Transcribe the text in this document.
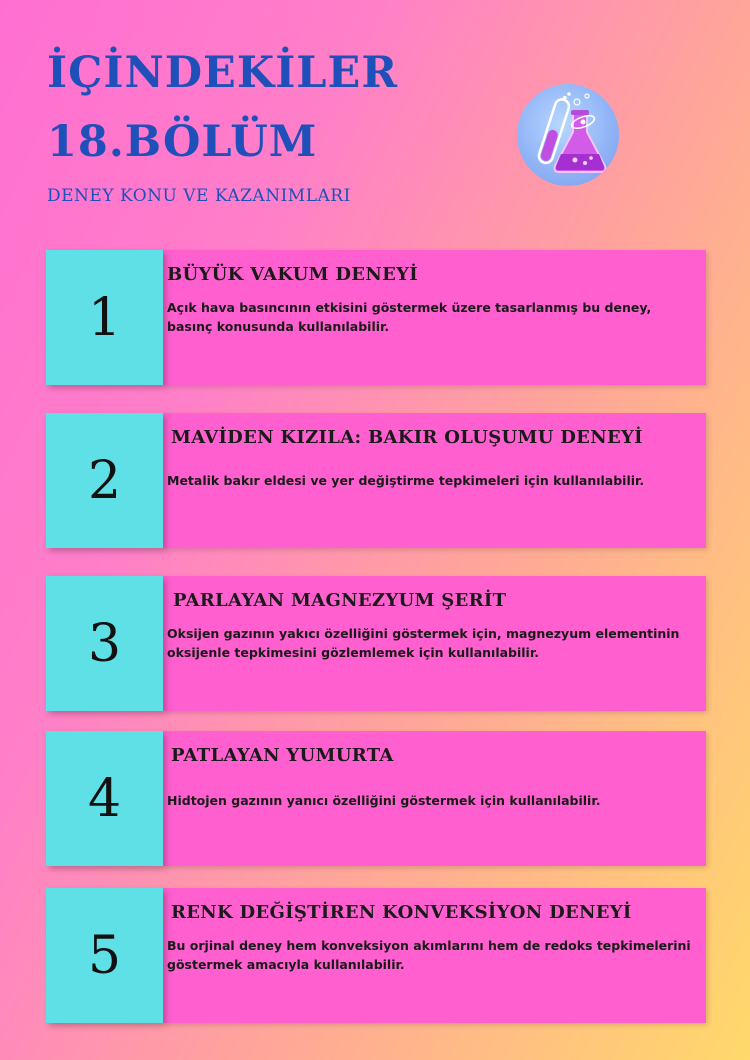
İÇİNDEKİLER
18.BÖLÜM
DENEY KONU VE KAZANIMLARI
1
BÜYÜK VAKUM DENEYİ

Açık hava basıncının etkisini göstermek üzere tasarlanmış bu deney, basınç konusunda kullanılabilir.

2
MAVİDEN KIZILA: BAKIR OLUŞUMU DENEYİ

Metalik bakır eldesi ve yer değiştirme tepkimeleri için kullanılabilir.

3
PARLAYAN MAGNEZYUM ŞERİT

Oksijen gazının yakıcı özelliğini göstermek için, magnezyum elementinin oksijenle tepkimesini gözlemlemek için kullanılabilir.

4
PATLAYAN YUMURTA

Hidtojen gazının yanıcı özelliğini göstermek için kullanılabilir.

5
RENK DEĞİŞTİREN KONVEKSİYON DENEYİ

Bu orjinal deney hem konveksiyon akımlarını hem de redoks tepkimelerini göstermek amacıyla kullanılabilir.
